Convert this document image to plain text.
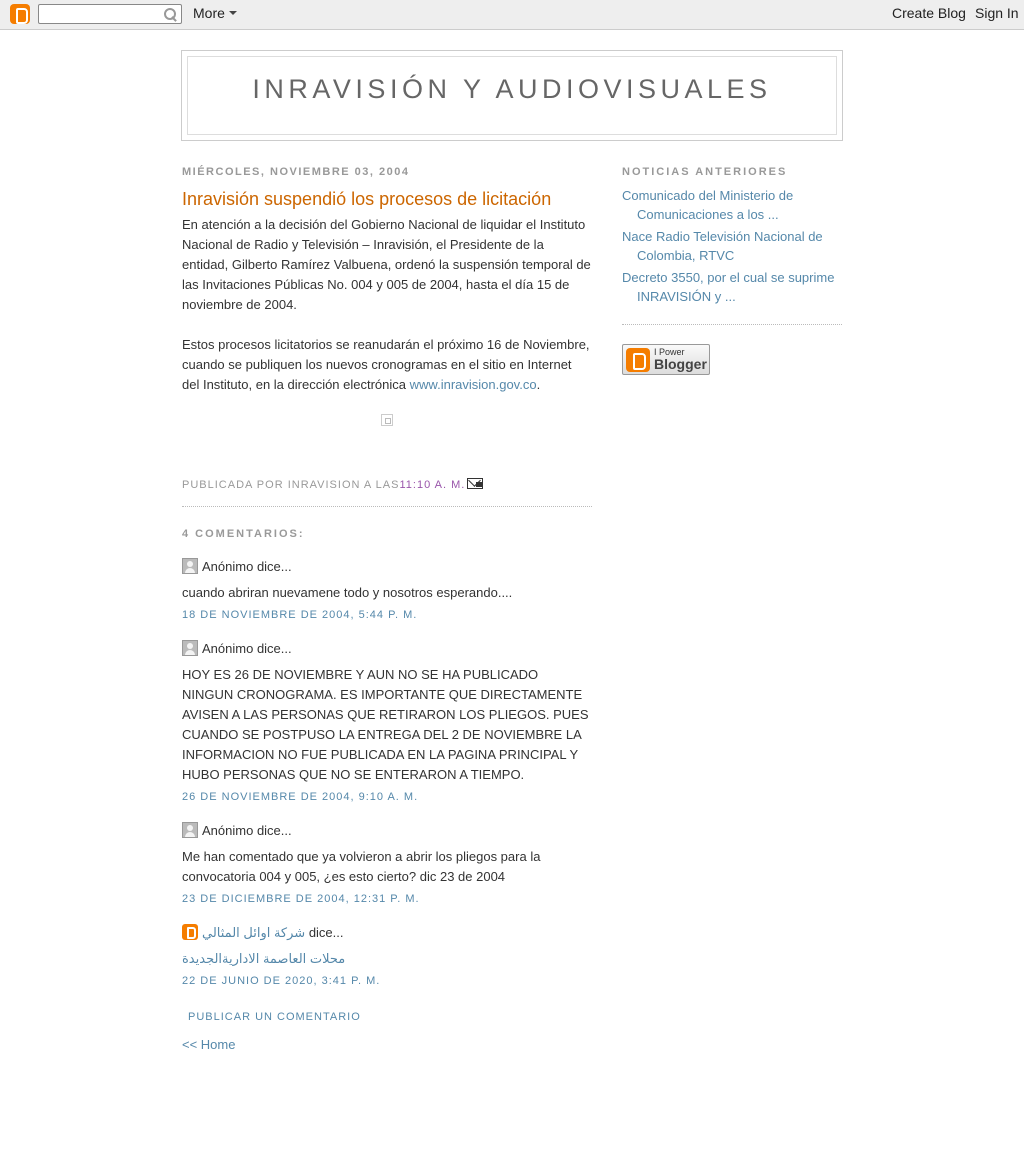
More	Create Blog Sign In
INRAVISIÓN Y AUDIOVISUALES
MIÉRCOLES, NOVIEMBRE 03, 2004
Inravisión suspendió los procesos de licitación

En atención a la decisión del Gobierno Nacional de liquidar el Instituto Nacional de Radio y Televisión – Inravisión, el Presidente de la entidad, Gilberto Ramírez Valbuena, ordenó la suspensión temporal de las Invitaciones Públicas No. 004 y 005 de 2004, hasta el día 15 de noviembre de 2004.

Estos procesos licitatorios se reanudarán el próximo 16 de Noviembre, cuando se publiquen los nuevos cronogramas en el sitio en Internet del Instituto, en la dirección electrónica www.inravision.gov.co.

PUBLICADA POR INRAVISION A LAS11:10 A. M.
4 COMENTARIOS:
Anónimo dice...
cuando abriran nuevamene todo y nosotros esperando....
18 DE NOVIEMBRE DE 2004, 5:44 P. M.
Anónimo dice...
HOY ES 26 DE NOVIEMBRE Y AUN NO SE HA PUBLICADO NINGUN CRONOGRAMA. ES IMPORTANTE QUE DIRECTAMENTE AVISEN A LAS PERSONAS QUE RETIRARON LOS PLIEGOS. PUES CUANDO SE POSTPUSO LA ENTREGA DEL 2 DE NOVIEMBRE LA INFORMACION NO FUE PUBLICADA EN LA PAGINA PRINCIPAL Y HUBO PERSONAS QUE NO SE ENTERARON A TIEMPO.
26 DE NOVIEMBRE DE 2004, 9:10 A. M.
Anónimo dice...
Me han comentado que ya volvieron a abrir los pliegos para la convocatoria 004 y 005, ¿es esto cierto? dic 23 de 2004
23 DE DICIEMBRE DE 2004, 12:31 P. M.
شركة اوائل المثالي dice...
محلات العاصمة الاداريةالجديدة
22 DE JUNIO DE 2020, 3:41 P. M.
PUBLICAR UN COMENTARIO
<< Home
NOTICIAS ANTERIORES
Comunicado del Ministerio de Comunicaciones a los ...
Nace Radio Televisión Nacional de Colombia, RTVC
Decreto 3550, por el cual se suprime INRAVISIÓN y ...
I Power
Blogger
